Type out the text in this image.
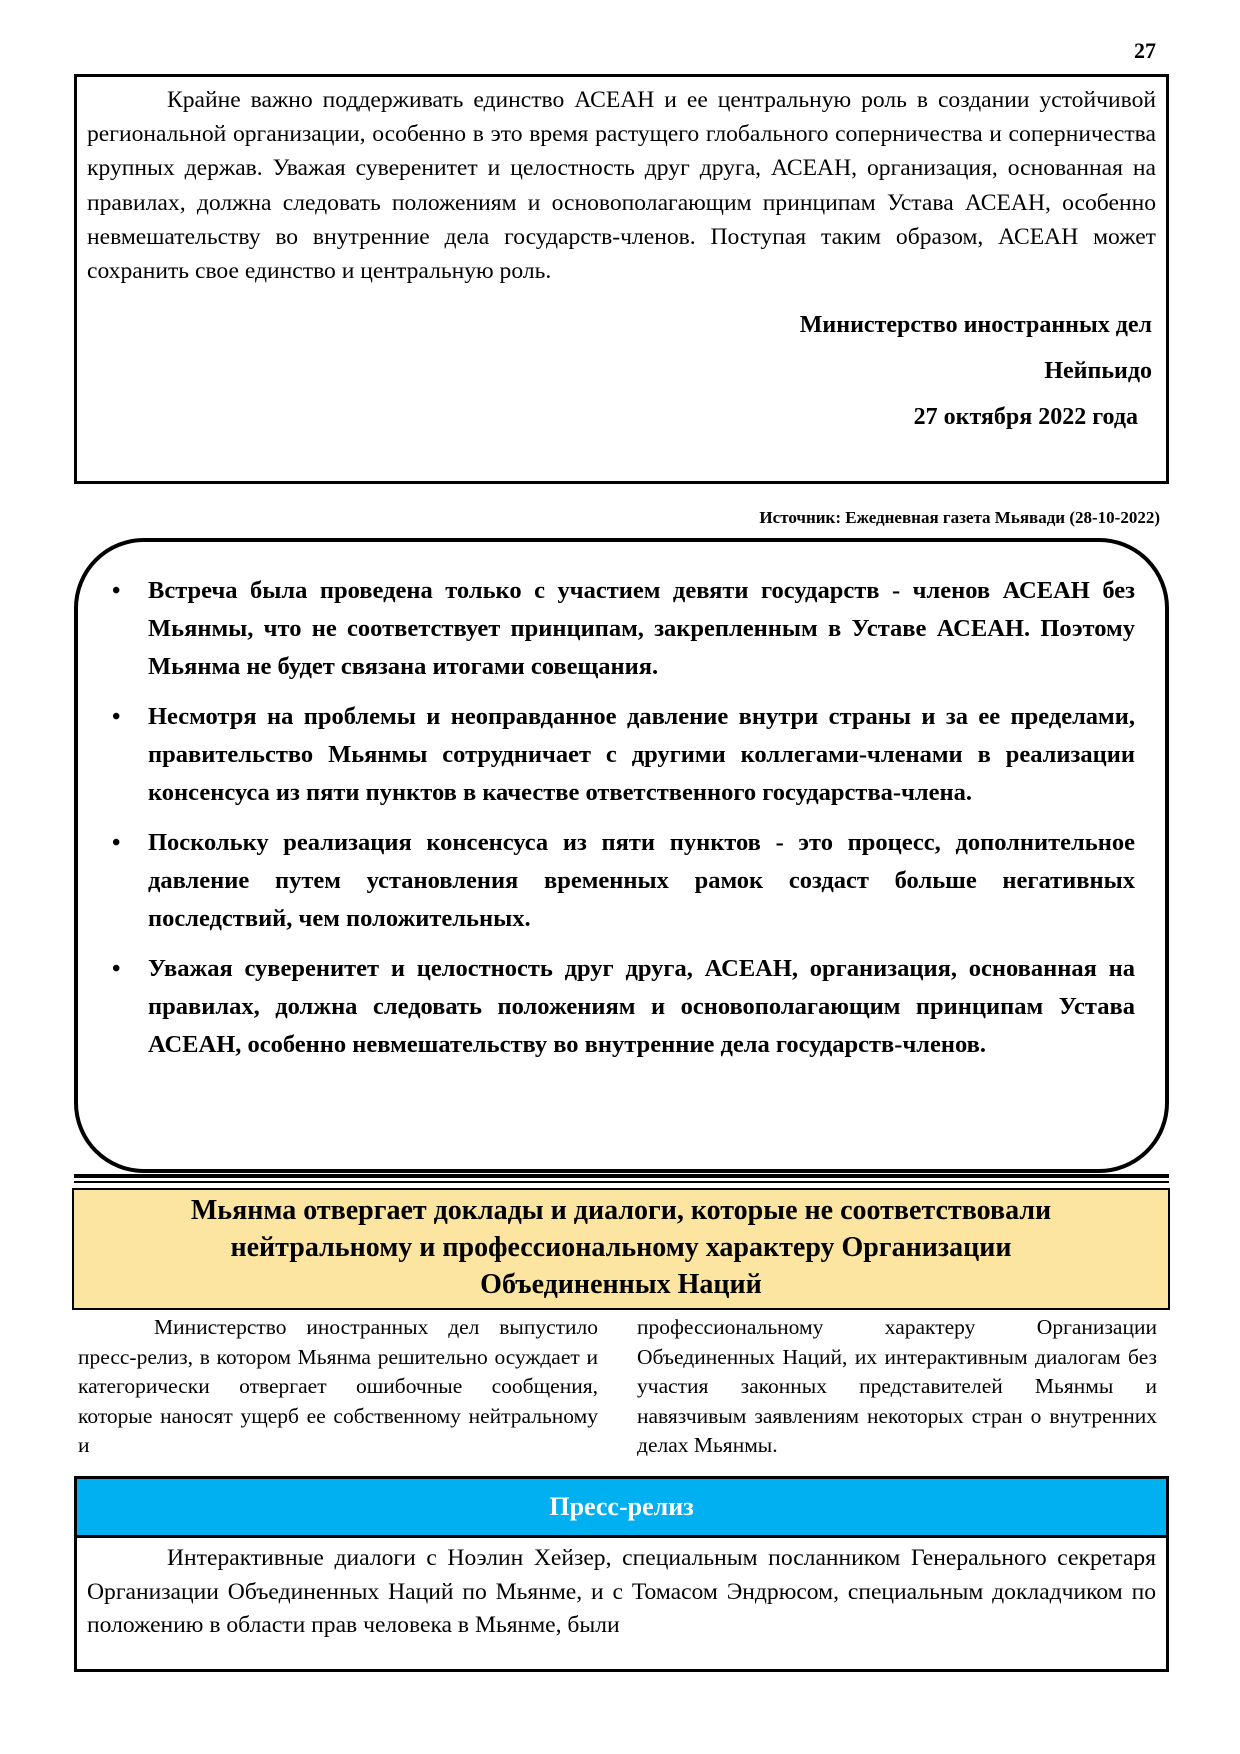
27

Крайне важно поддерживать единство АСЕАН и ее центральную роль в создании устойчивой региональной организации, особенно в это время растущего глобального соперничества и соперничества крупных держав. Уважая суверенитет и целостность друг друга, АСЕАН, организация, основанная на правилах, должна следовать положениям и основополагающим принципам Устава АСЕАН, особенно невмешательству во внутренние дела государств-членов. Поступая таким образом, АСЕАН может сохранить свое единство и центральную роль.

Министерство иностранных дел

Нейпьидо

27 октября 2022 года

Источник: Ежедневная газета Мьявади (28-10-2022)
• Встреча была проведена только с участием девяти государств - членов АСЕАН без Мьянмы, что не соответствует принципам, закрепленным в Уставе АСЕАН. Поэтому Мьянма не будет связана итогами совещания.
• Несмотря на проблемы и неоправданное давление внутри страны и за ее пределами, правительство Мьянмы сотрудничает с другими коллегами-членами в реализации консенсуса из пяти пунктов в качестве ответственного государства-члена.
• Поскольку реализация консенсуса из пяти пунктов - это процесс, дополнительное давление путем установления временных рамок создаст больше негативных последствий, чем положительных.
• Уважая суверенитет и целостность друг друга, АСЕАН, организация, основанная на правилах, должна следовать положениям и основополагающим принципам Устава АСЕАН, особенно невмешательству во внутренние дела государств-членов.
Мьянма отвергает доклады и диалоги, которые не соответствовали
нейтральному и профессиональному характеру Организации
Объединенных Наций
Министерство иностранных дел выпустило пресс-релиз, в котором Мьянма решительно осуждает и категорически отвергает ошибочные сообщения, которые наносят ущерб ее собственному нейтральному и
профессиональному характеру Организации Объединенных Наций, их интерактивным диалогам без участия законных представителей Мьянмы и навязчивым заявлениям некоторых стран о внутренних делах Мьянмы.
Пресс-релиз
Интерактивные диалоги с Ноэлин Хейзер, специальным посланником Генерального секретаря Организации Объединенных Наций по Мьянме, и с Томасом Эндрюсом, специальным докладчиком по положению в области прав человека в Мьянме, были
